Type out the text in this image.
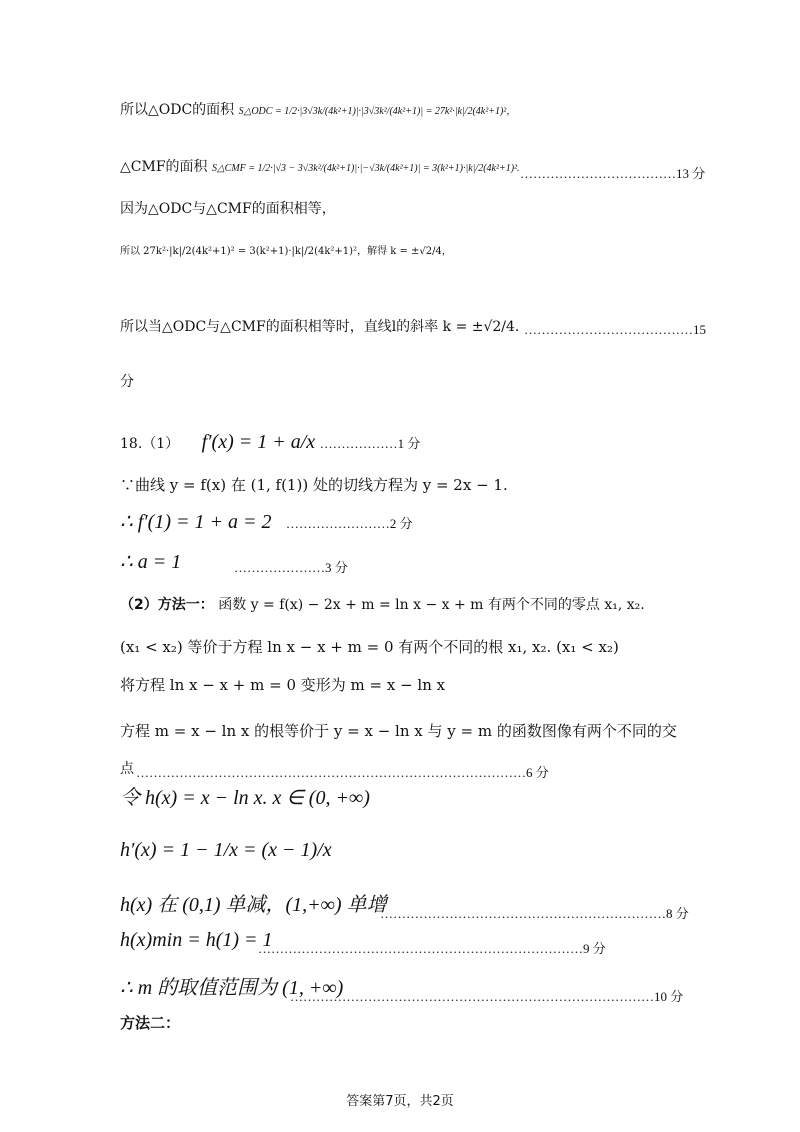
所以△ODC的面积 S△ODC = 1/2·|3√3k/(4k²+1)|·|3√3k²/(4k²+1)| = 27k²·|k|/2(4k²+1)²，
△CMF的面积 S△CMF = 1/2·|√3 − 3√3k²/(4k²+1)|·|−√3k/(4k²+1)| = 3(k²+1)·|k|/2(4k²+1)². ………………………………13 分
因为△ODC与△CMF的面积相等，
所以 27k²·|k|/2(4k²+1)² = 3(k²+1)·|k|/2(4k²+1)²，解得 k = ±√2/4，
所以当△ODC与△CMF的面积相等时，直线l的斜率 k = ±√2/4. …………………………………15
分
18.（1） f′(x) = 1 + a/x ………………1 分
∵曲线 y = f(x) 在 (1, f(1)) 处的切线方程为 y = 2x − 1.
∴ f′(1) = 1 + a = 2 ……………………2 分
∴ a = 1	…………………3 分
（2）方法一： 函数 y = f(x) − 2x + m = ln x − x + m 有两个不同的零点 x₁, x₂.
(x₁ < x₂) 等价于方程 ln x − x + m = 0 有两个不同的根 x₁, x₂. (x₁ < x₂)
将方程 ln x − x + m = 0 变形为 m = x − ln x
方程 m = x − ln x 的根等价于 y = x − ln x 与 y = m 的函数图像有两个不同的交
点 ………………………………………………………………………………6 分
令 h(x) = x − ln x. x ∈ (0, +∞)
h′(x) = 1 − 1/x = (x − 1)/x
h(x) 在 (0,1) 单减，(1,+∞) 单增
…………………………………………………………8 分
h(x)min = h(1) = 1
…………………………………………………………………9 分
∴ m 的取值范围为 (1, +∞)
…………………………………………………………………………10 分
方法二：
答案第7页，共2页
